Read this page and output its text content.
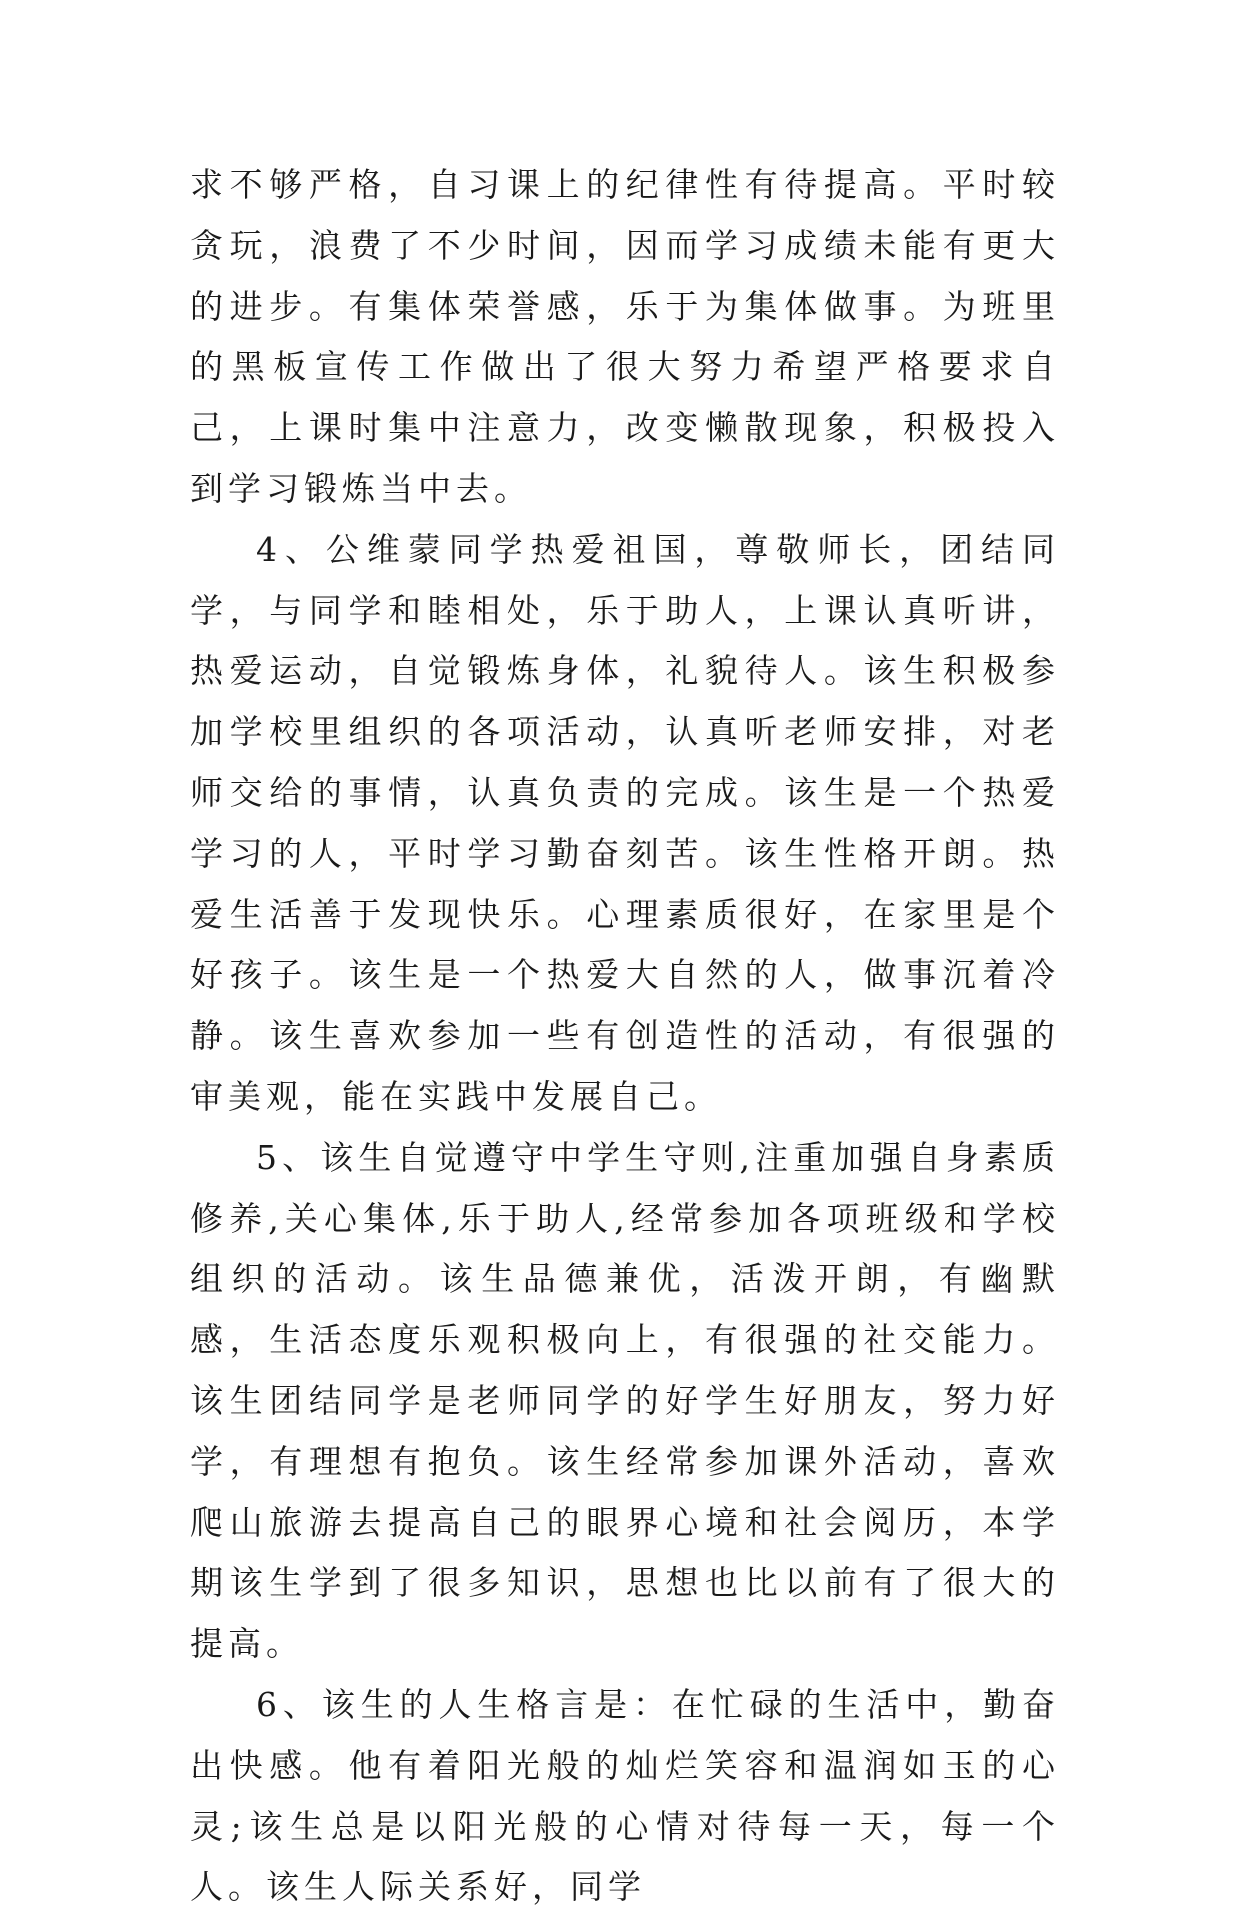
求不够严格，自习课上的纪律性有待提高。平时较贪玩，浪费了不少时间，因而学习成绩未能有更大的进步。有集体荣誉感，乐于为集体做事。为班里的黑板宣传工作做出了很大努力希望严格要求自己，上课时集中注意力，改变懒散现象，积极投入到学习锻炼当中去。

4、公维蒙同学热爱祖国，尊敬师长，团结同学，与同学和睦相处，乐于助人，上课认真听讲，热爱运动，自觉锻炼身体，礼貌待人。该生积极参加学校里组织的各项活动，认真听老师安排，对老师交给的事情，认真负责的完成。该生是一个热爱学习的人，平时学习勤奋刻苦。该生性格开朗。热爱生活善于发现快乐。心理素质很好，在家里是个好孩子。该生是一个热爱大自然的人，做事沉着冷静。该生喜欢参加一些有创造性的活动，有很强的审美观，能在实践中发展自己。

5、该生自觉遵守中学生守则,注重加强自身素质修养,关心集体,乐于助人,经常参加各项班级和学校组织的活动。该生品德兼优，活泼开朗，有幽默感，生活态度乐观积极向上，有很强的社交能力。该生团结同学是老师同学的好学生好朋友，努力好学，有理想有抱负。该生经常参加课外活动，喜欢爬山旅游去提高自己的眼界心境和社会阅历，本学期该生学到了很多知识，思想也比以前有了很大的提高。

6、该生的人生格言是：在忙碌的生活中，勤奋出快感。他有着阳光般的灿烂笑容和温润如玉的心灵;该生总是以阳光般的心情对待每一天，每一个人。该生人际关系好，同学
